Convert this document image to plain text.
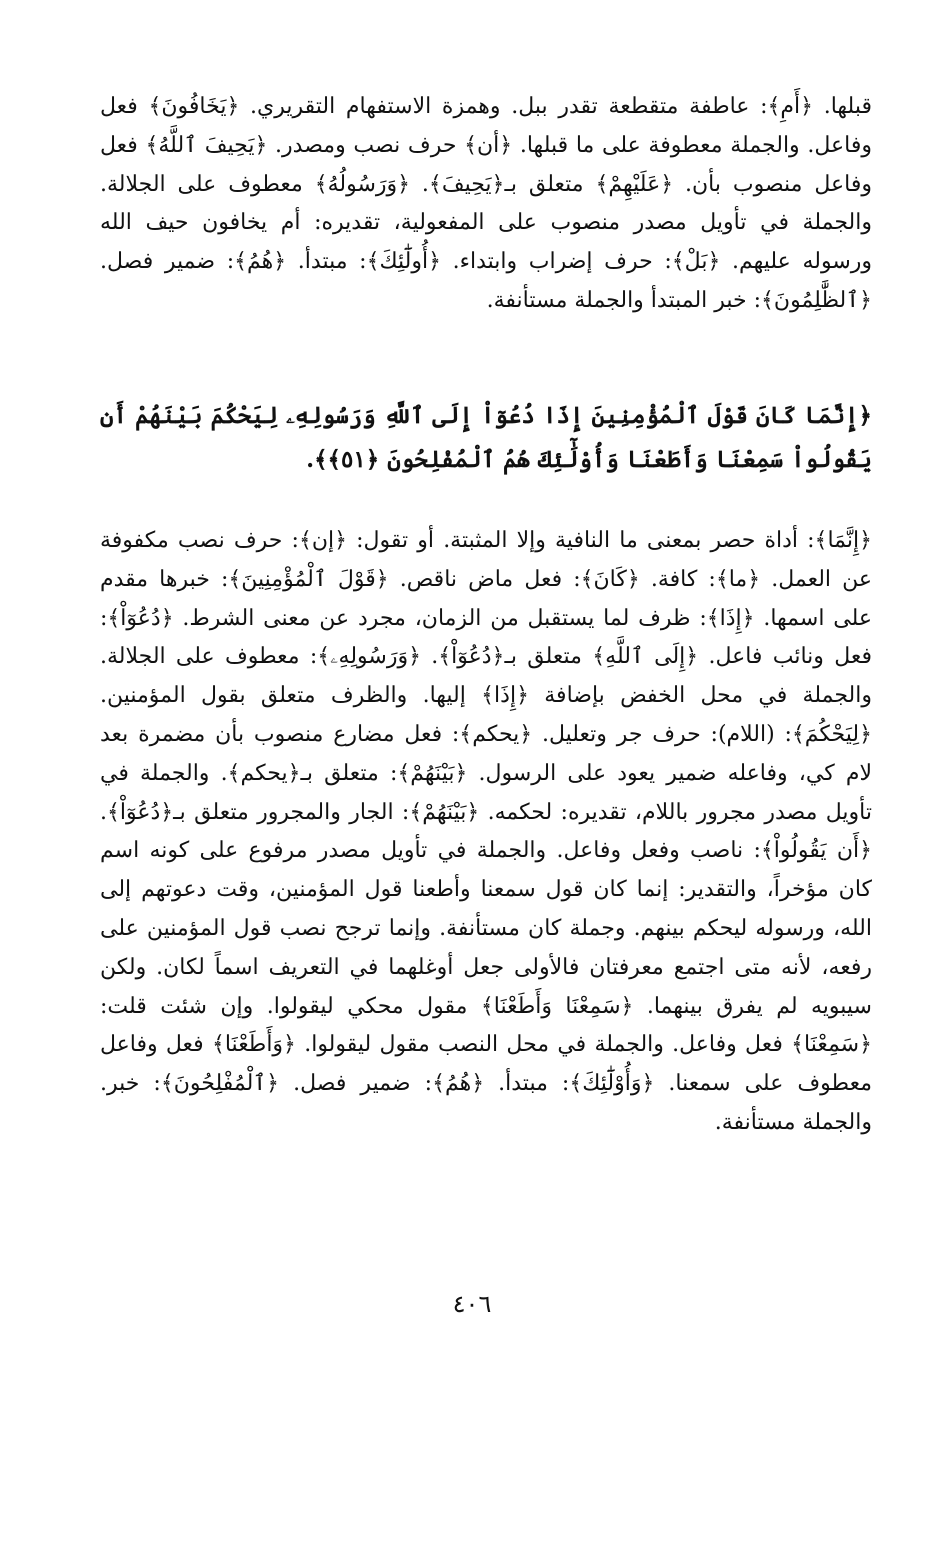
قبلها. ﴿أَمِ﴾: عاطفة متقطعة تقدر ببل. وهمزة الاستفهام التقريري. ﴿يَخَافُونَ﴾ فعل وفاعل. والجملة معطوفة على ما قبلها. ﴿أن﴾ حرف نصب ومصدر. ﴿يَحِيفَ ٱللَّهُ﴾ فعل وفاعل منصوب بأن. ﴿عَلَيْهِمْ﴾ متعلق بـ﴿يَحِيفَ﴾. ﴿وَرَسُولُهُ﴾ معطوف على الجلالة. والجملة في تأويل مصدر منصوب على المفعولية، تقديره: أم يخافون حيف الله ورسوله عليهم. ﴿بَلْ﴾: حرف إضراب وابتداء. ﴿أُولَٰٓئِكَ﴾: مبتدأ. ﴿هُمُ﴾: ضمير فصل. ﴿ٱلظَّٰلِمُونَ﴾: خبر المبتدأ والجملة مستأنفة.

﴿إِنَّمَا كَانَ قَوْلَ ٱلْمُؤْمِنِينَ إِذَا دُعُوٓاْ إِلَى ٱللَّهِ وَرَسُولِهِۦ لِيَحْكُمَ بَيْنَهُمْ أَن يَقُولُواْ سَمِعْنَا وَأَطَعْنَا وَأُوْلَٰٓئِكَ هُمُ ٱلْمُفْلِحُونَ ﴿٥١﴾﴾.

﴿إِنَّمَا﴾: أداة حصر بمعنى ما النافية وإلا المثبتة. أو تقول: ﴿إن﴾: حرف نصب مكفوفة عن العمل. ﴿ما﴾: كافة. ﴿كَانَ﴾: فعل ماض ناقص. ﴿قَوْلَ ٱلْمُؤْمِنِينَ﴾: خبرها مقدم على اسمها. ﴿إِذَا﴾: ظرف لما يستقبل من الزمان، مجرد عن معنى الشرط. ﴿دُعُوٓاْ﴾: فعل ونائب فاعل. ﴿إِلَى ٱللَّهِ﴾ متعلق بـ﴿دُعُوٓاْ﴾. ﴿وَرَسُولِهِۦ﴾: معطوف على الجلالة. والجملة في محل الخفض بإضافة ﴿إِذَا﴾ إليها. والظرف متعلق بقول المؤمنين. ﴿لِيَحْكُمَ﴾: (اللام): حرف جر وتعليل. ﴿يحكم﴾: فعل مضارع منصوب بأن مضمرة بعد لام كي، وفاعله ضمير يعود على الرسول. ﴿بَيْنَهُمْ﴾: متعلق بـ﴿يحكم﴾. والجملة في تأويل مصدر مجرور باللام، تقديره: لحكمه. ﴿بَيْنَهُمْ﴾: الجار والمجرور متعلق بـ﴿دُعُوٓاْ﴾. ﴿أَن يَقُولُواْ﴾: ناصب وفعل وفاعل. والجملة في تأويل مصدر مرفوع على كونه اسم كان مؤخراً، والتقدير: إنما كان قول سمعنا وأطعنا قول المؤمنين، وقت دعوتهم إلى الله، ورسوله ليحكم بينهم. وجملة كان مستأنفة. وإنما ترجح نصب قول المؤمنين على رفعه، لأنه متى اجتمع معرفتان فالأولى جعل أوغلهما في التعريف اسماً لكان. ولكن سيبويه لم يفرق بينهما. ﴿سَمِعْنَا وَأَطَعْنَا﴾ مقول محكي ليقولوا. وإن شئت قلت: ﴿سَمِعْنَا﴾ فعل وفاعل. والجملة في محل النصب مقول ليقولوا. ﴿وَأَطَعْنَا﴾ فعل وفاعل معطوف على سمعنا. ﴿وَأُوْلَٰٓئِكَ﴾: مبتدأ. ﴿هُمُ﴾: ضمير فصل. ﴿ٱلْمُفْلِحُونَ﴾: خبر. والجملة مستأنفة.

٤٠٦
